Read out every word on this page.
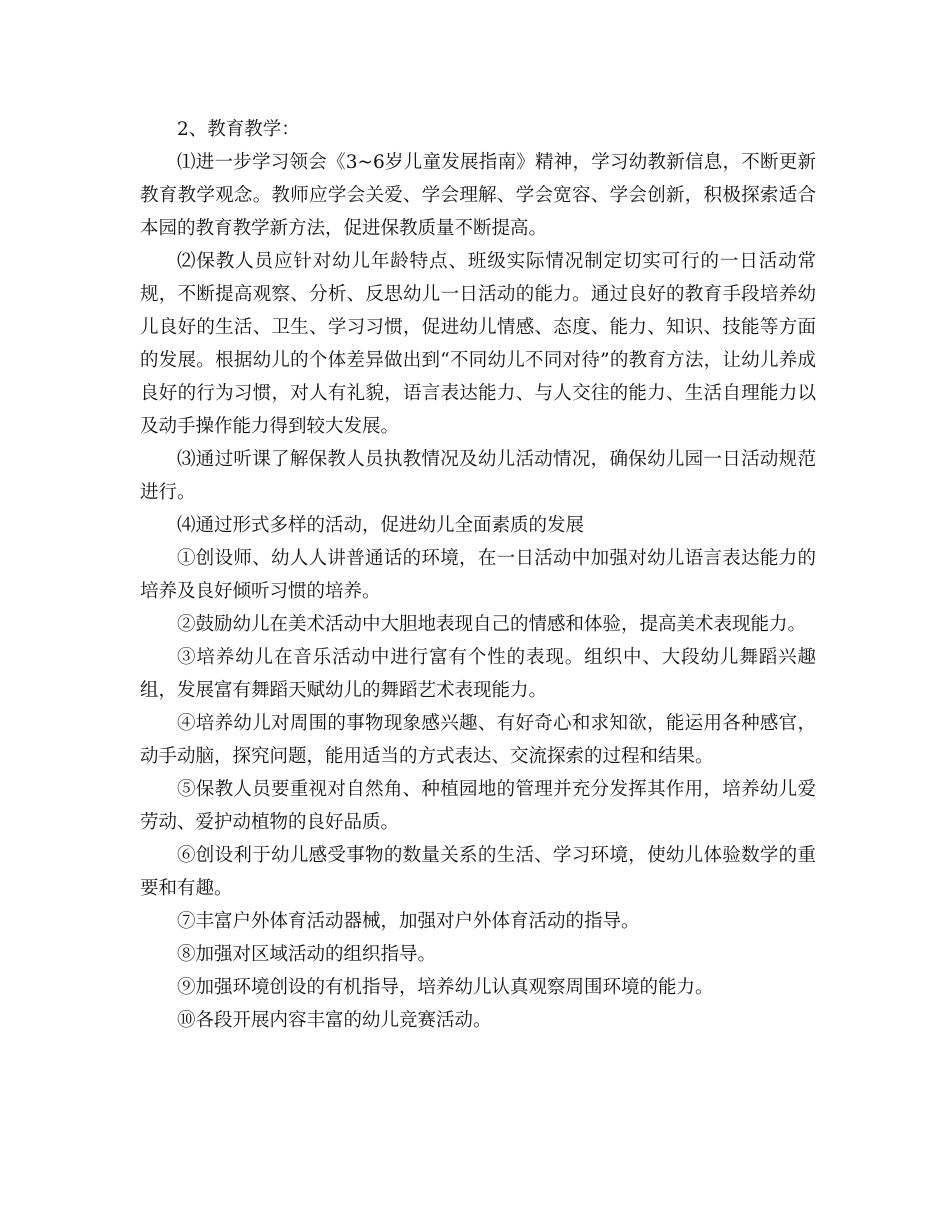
2、教育教学：

⑴进一步学习领会《3~6岁儿童发展指南》精神，学习幼教新信息，不断更新教育教学观念。教师应学会关爱、学会理解、学会宽容、学会创新，积极探索适合本园的教育教学新方法，促进保教质量不断提高。

⑵保教人员应针对幼儿年龄特点、班级实际情况制定切实可行的一日活动常规，不断提高观察、分析、反思幼儿一日活动的能力。通过良好的教育手段培养幼儿良好的生活、卫生、学习习惯，促进幼儿情感、态度、能力、知识、技能等方面的发展。根据幼儿的个体差异做出到“不同幼儿不同对待”的教育方法，让幼儿养成良好的行为习惯，对人有礼貌，语言表达能力、与人交往的能力、生活自理能力以及动手操作能力得到较大发展。

⑶通过听课了解保教人员执教情况及幼儿活动情况，确保幼儿园一日活动规范进行。

⑷通过形式多样的活动，促进幼儿全面素质的发展

①创设师、幼人人讲普通话的环境，在一日活动中加强对幼儿语言表达能力的培养及良好倾听习惯的培养。

②鼓励幼儿在美术活动中大胆地表现自己的情感和体验，提高美术表现能力。

③培养幼儿在音乐活动中进行富有个性的表现。组织中、大段幼儿舞蹈兴趣组，发展富有舞蹈天赋幼儿的舞蹈艺术表现能力。

④培养幼儿对周围的事物现象感兴趣、有好奇心和求知欲，能运用各种感官，动手动脑，探究问题，能用适当的方式表达、交流探索的过程和结果。

⑤保教人员要重视对自然角、种植园地的管理并充分发挥其作用，培养幼儿爱劳动、爱护动植物的良好品质。

⑥创设利于幼儿感受事物的数量关系的生活、学习环境，使幼儿体验数学的重要和有趣。

⑦丰富户外体育活动器械，加强对户外体育活动的指导。

⑧加强对区域活动的组织指导。

⑨加强环境创设的有机指导，培养幼儿认真观察周围环境的能力。

⑩各段开展内容丰富的幼儿竞赛活动。
